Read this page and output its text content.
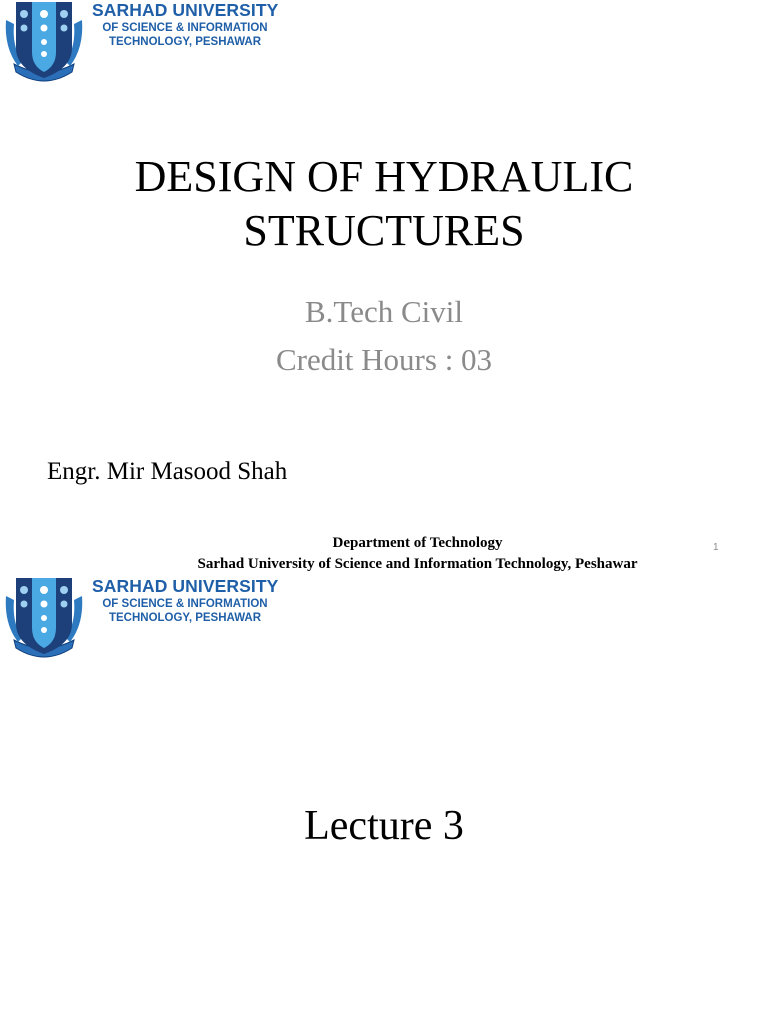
SARHAD UNIVERSITY
OF SCIENCE & INFORMATION
TECHNOLOGY, PESHAWAR
DESIGN OF HYDRAULIC
STRUCTURES
B.Tech Civil
Credit Hours : 03
Engr. Mir Masood Shah
Department of Technology
Sarhad University of Science and Information Technology, Peshawar
1
SARHAD UNIVERSITY
OF SCIENCE & INFORMATION
TECHNOLOGY, PESHAWAR
Lecture 3
